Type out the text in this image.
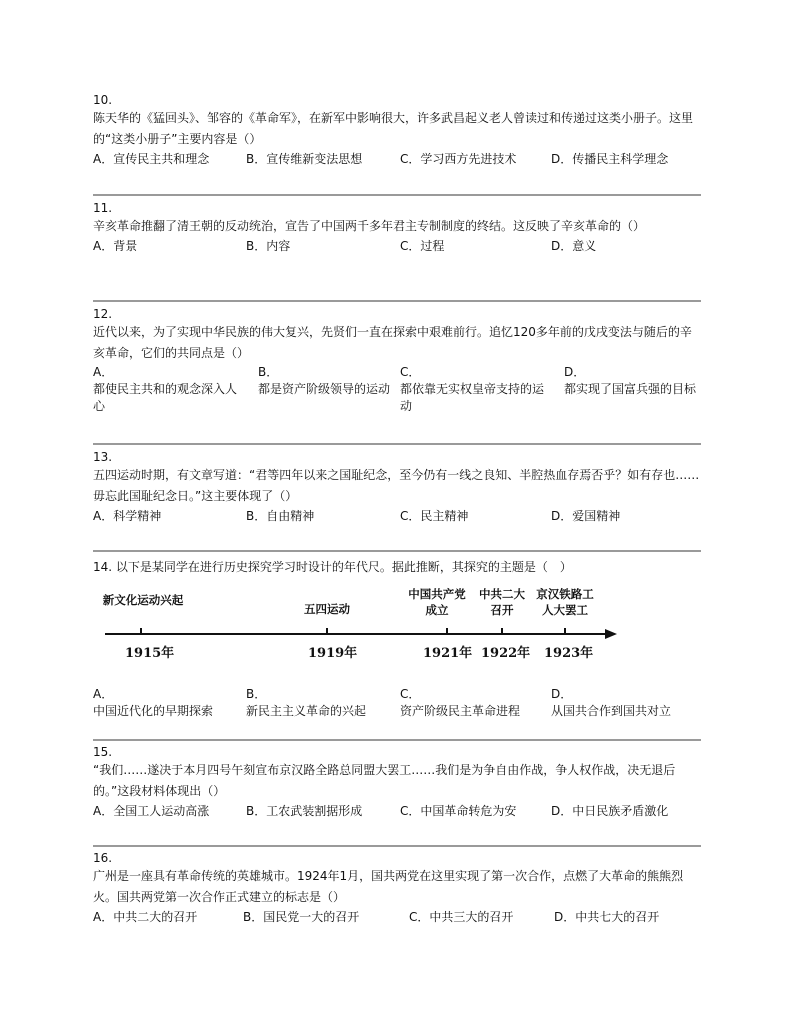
10.
陈天华的《猛回头》、邹容的《革命军》，在新军中影响很大，许多武昌起义老人曾读过和传递过这类小册子。这里的“这类小册子”主要内容是（）
A．宣传民主共和理念	B．宣传维新变法思想	C．学习西方先进技术	D．传播民主科学理念
11.
辛亥革命推翻了清王朝的反动统治，宣告了中国两千多年君主专制制度的终结。这反映了辛亥革命的（）
A．背景	B．内容	C．过程	D．意义
12.
近代以来，为了实现中华民族的伟大复兴，先贤们一直在探索中艰难前行。追忆120多年前的戊戌变法与随后的辛亥革命，它们的共同点是（）
A．
都使民主共和的观念深入人心
B．
都是资产阶级领导的运动
C．
都依靠无实权皇帝支持的运动
D．
都实现了国富兵强的目标
13.
五四运动时期，有文章写道：“君等四年以来之国耻纪念，至今仍有一线之良知、半腔热血存焉否乎？如有存也……毋忘此国耻纪念日。”这主要体现了（）
A．科学精神	B．自由精神	C．民主精神	D．爱国精神
14. 以下是某同学在进行历史探究学习时设计的年代尺。据此推断，其探究的主题是（　）
新文化运动兴起
五四运动
中国共产党成立
中共二大召开
京汉铁路工人大罢工
1915年	1919年	1921年 1922年 1923年
A．
中国近代化的早期探索
B．
新民主主义革命的兴起
C．
资产阶级民主革命进程
D．
从国共合作到国共对立
15.
“我们……遂决于本月四号午刻宣布京汉路全路总同盟大罢工……我们是为争自由作战，争人权作战，决无退后的。”这段材料体现出（）
A．全国工人运动高涨	B．工农武装割据形成	C．中国革命转危为安	D．中日民族矛盾激化
16.
广州是一座具有革命传统的英雄城市。1924年1月，国共两党在这里实现了第一次合作，点燃了大革命的熊熊烈火。国共两党第一次合作正式建立的标志是（）
A．中共二大的召开	B．国民党一大的召开	C．中共三大的召开	D．中共七大的召开
